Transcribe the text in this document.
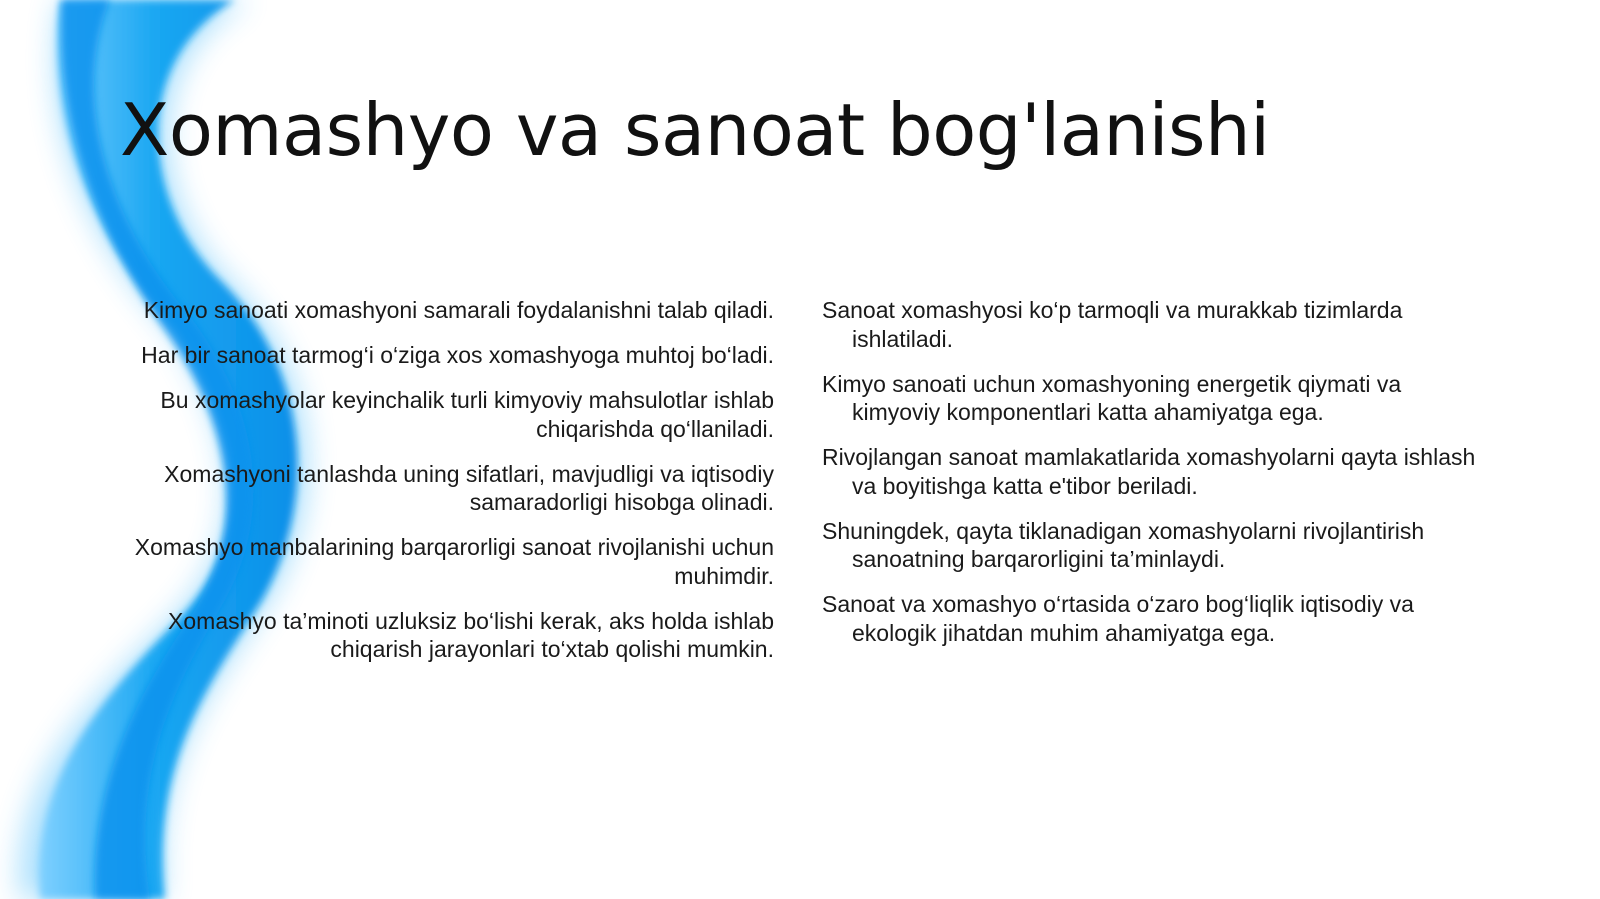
Xomashyo va sanoat bog'lanishi

Kimyo sanoati xomashyoni samarali foydalanishni talab qiladi.

Har bir sanoat tarmog‘i o‘ziga xos xomashyoga muhtoj bo‘ladi.

Bu xomashyolar keyinchalik turli kimyoviy mahsulotlar ishlab chiqarishda qo‘llaniladi.

Xomashyoni tanlashda uning sifatlari, mavjudligi va iqtisodiy samaradorligi hisobga olinadi.

Xomashyo manbalarining barqarorligi sanoat rivojlanishi uchun muhimdir.

Xomashyo ta’minoti uzluksiz bo‘lishi kerak, aks holda ishlab chiqarish jarayonlari to‘xtab qolishi mumkin.

Sanoat xomashyosi ko‘p tarmoqli va murakkab tizimlarda ishlatiladi.

Kimyo sanoati uchun xomashyoning energetik qiymati va kimyoviy komponentlari katta ahamiyatga ega.

Rivojlangan sanoat mamlakatlarida xomashyolarni qayta ishlash va boyitishga katta e'tibor beriladi.

Shuningdek, qayta tiklanadigan xomashyolarni rivojlantirish sanoatning barqarorligini ta’minlaydi.

Sanoat va xomashyo o‘rtasida o‘zaro bog‘liqlik iqtisodiy va ekologik jihatdan muhim ahamiyatga ega.
